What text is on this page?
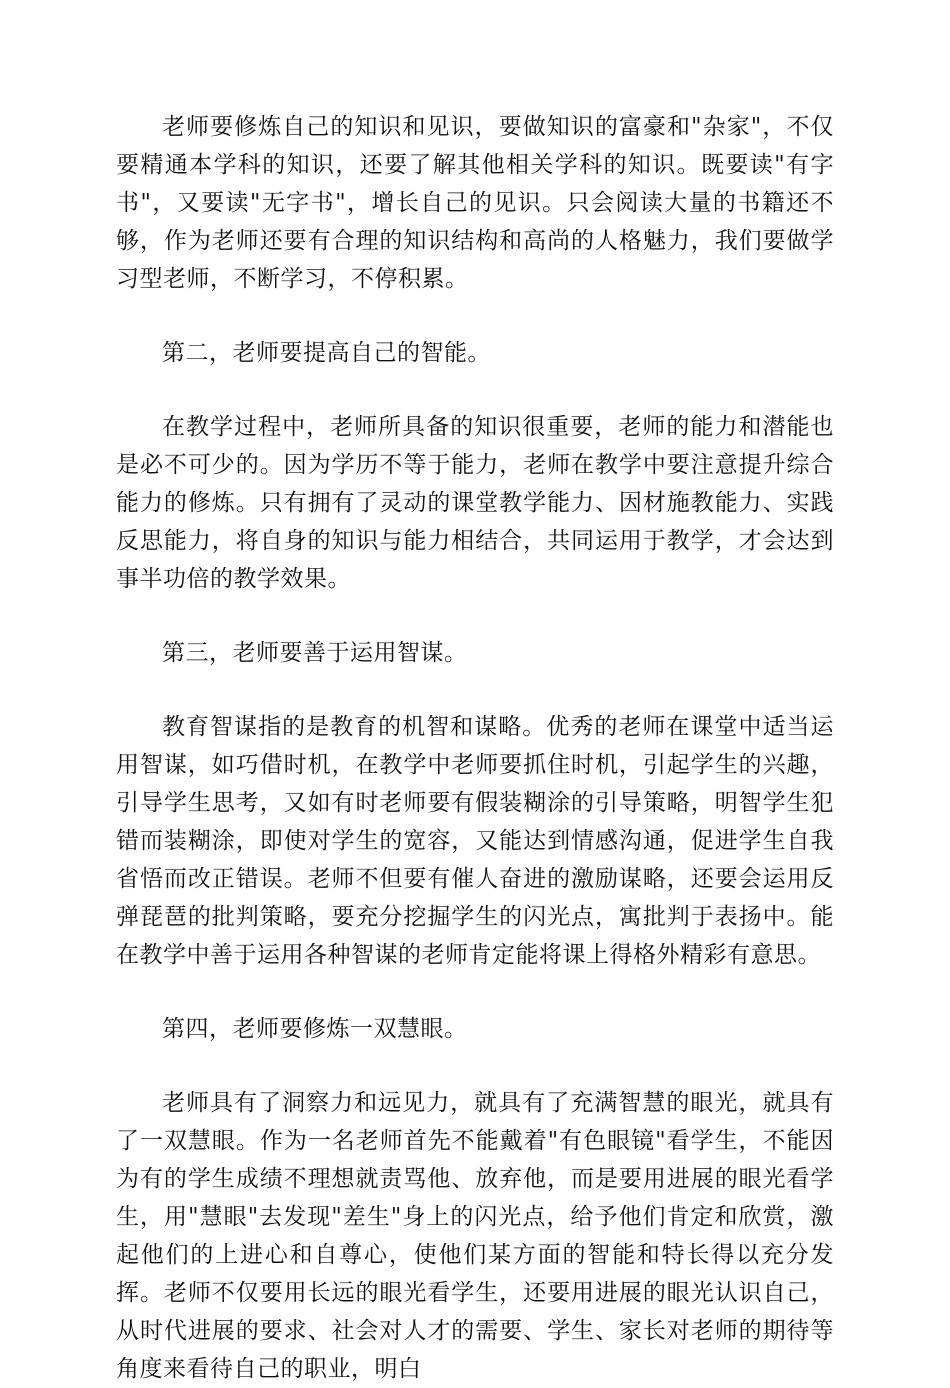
老师要修炼自己的知识和见识，要做知识的富豪和"杂家"，不仅要精通本学科的知识，还要了解其他相关学科的知识。既要读"有字书"，又要读"无字书"，增长自己的见识。只会阅读大量的书籍还不够，作为老师还要有合理的知识结构和高尚的人格魅力，我们要做学习型老师，不断学习，不停积累。

第二，老师要提高自己的智能。

在教学过程中，老师所具备的知识很重要，老师的能力和潜能也是必不可少的。因为学历不等于能力，老师在教学中要注意提升综合能力的修炼。只有拥有了灵动的课堂教学能力、因材施教能力、实践反思能力，将自身的知识与能力相结合，共同运用于教学，才会达到事半功倍的教学效果。

第三，老师要善于运用智谋。

教育智谋指的是教育的机智和谋略。优秀的老师在课堂中适当运用智谋，如巧借时机，在教学中老师要抓住时机，引起学生的兴趣，引导学生思考，又如有时老师要有假装糊涂的引导策略，明智学生犯错而装糊涂，即使对学生的宽容，又能达到情感沟通，促进学生自我省悟而改正错误。老师不但要有催人奋进的激励谋略，还要会运用反弹琵琶的批判策略，要充分挖掘学生的闪光点，寓批判于表扬中。能在教学中善于运用各种智谋的老师肯定能将课上得格外精彩有意思。

第四，老师要修炼一双慧眼。

老师具有了洞察力和远见力，就具有了充满智慧的眼光，就具有了一双慧眼。作为一名老师首先不能戴着"有色眼镜"看学生，不能因为有的学生成绩不理想就责骂他、放弃他，而是要用进展的眼光看学生，用"慧眼"去发现"差生"身上的闪光点，给予他们肯定和欣赏，激起他们的上进心和自尊心，使他们某方面的智能和特长得以充分发挥。老师不仅要用长远的眼光看学生，还要用进展的眼光认识自己，从时代进展的要求、社会对人才的需要、学生、家长对老师的期待等角度来看待自己的职业，明白
